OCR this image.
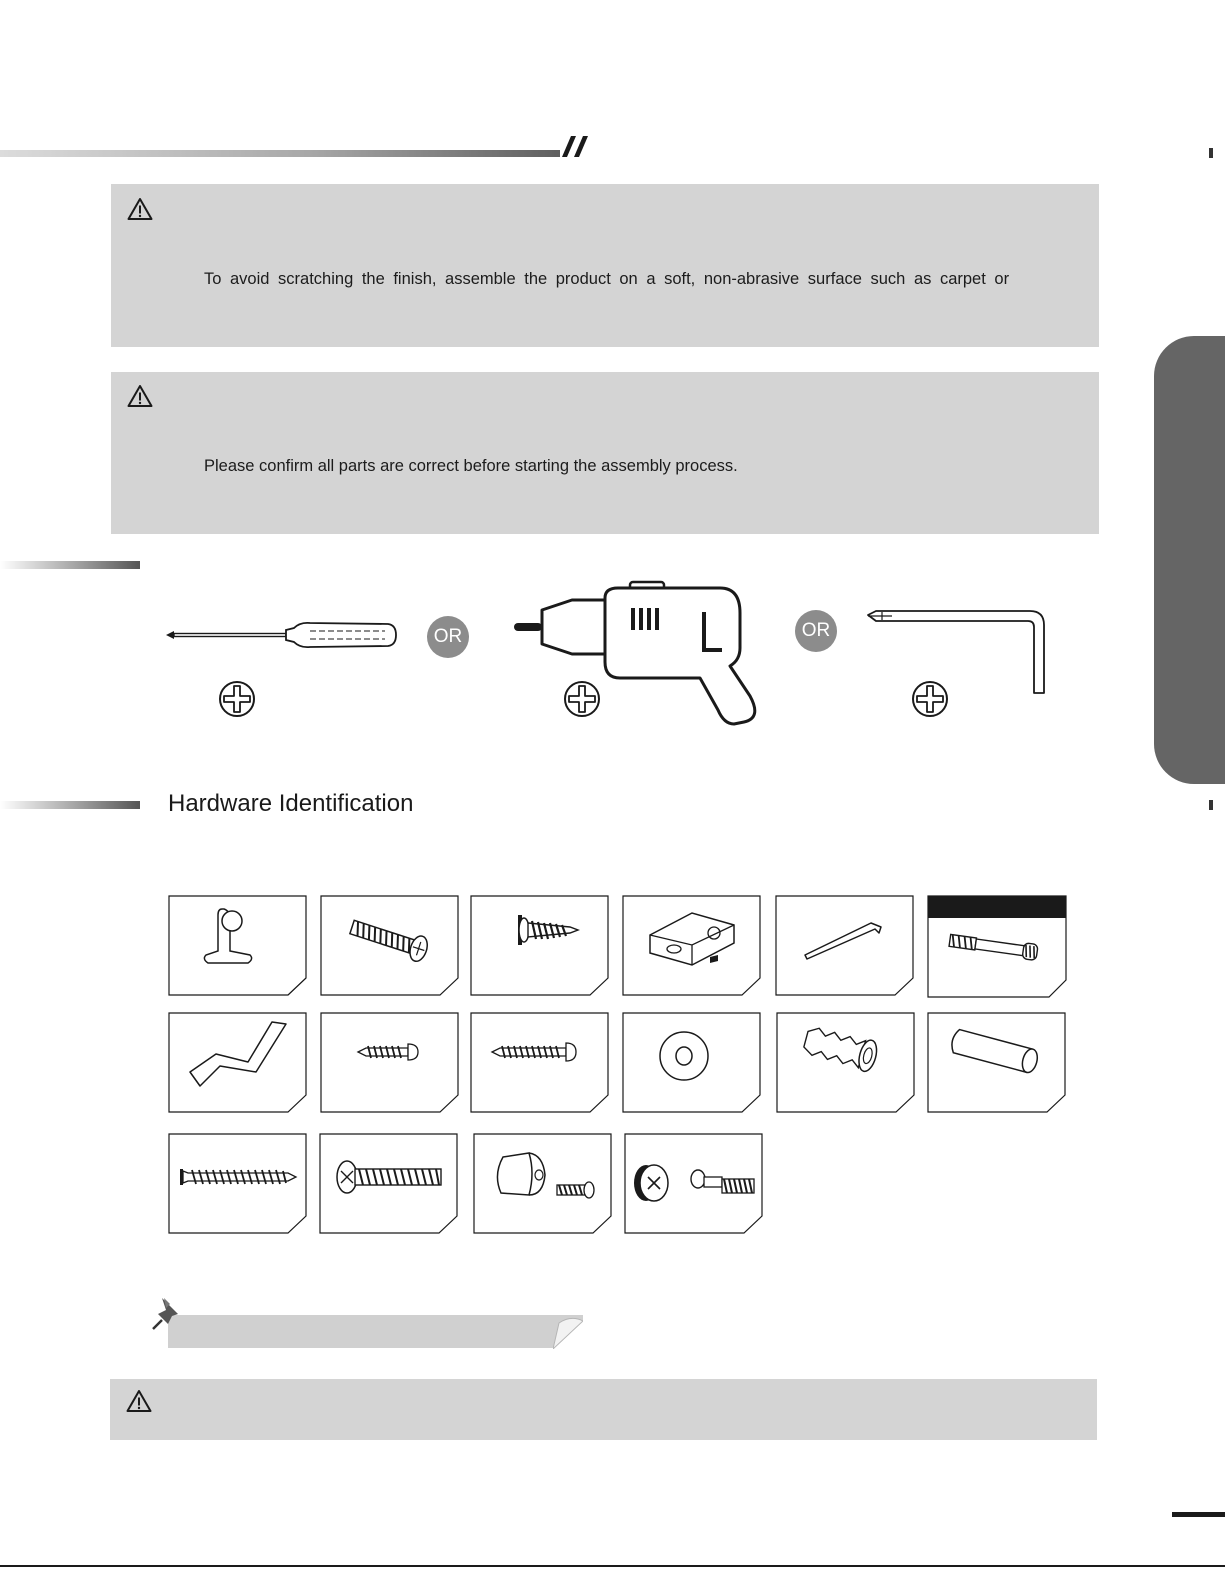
To avoid scratching the finish, assemble the product on a soft, non-abrasive surface such as carpet or
Please confirm all parts are correct before starting the assembly process.
OR	OR
Hardware Identification
